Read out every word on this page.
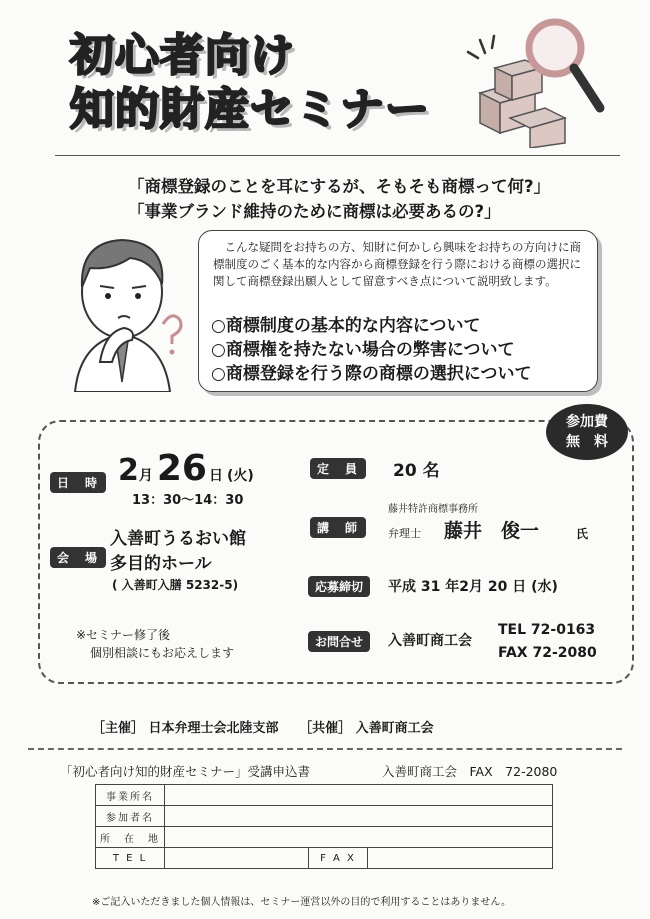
初心者向け
知的財産セミナー
「商標登録のことを耳にするが、そもそも商標って何?」
「事業ブランド維持のために商標は必要あるの?」
こんな疑問をお持ちの方、知財に何かしら興味をお持ちの方向けに商標制度のごく基本的な内容から商標登録を行う際における商標の選択に関して商標登録出願人として留意すべき点について説明致します。
○商標制度の基本的な内容について
○商標権を持たない場合の弊害について
○商標登録を行う際の商標の選択について
参加費
無　料
日　時 2月 26 日 (火)
13：30〜14：30
会　場
入善町うるおい館
多目的ホール
( 入善町入膳 5232-5)
※セミナー修了後
個別相談にもお応えします
定　員	20 名
藤井特許商標事務所
講　師	弁理士 藤井　俊一	氏
応募締切	平成 31 年2月 20 日 (水)
お問合せ	入善町商工会
TEL 72-0163
FAX 72-2080
［主催］ 日本弁理士会北陸支部 ［共催］ 入善町商工会
「初心者向け知的財産セミナー」受講申込書	入善町商工会　FAX　72-2080
事業所名			
参加者名			
所　在　地			
T E L		F A X	
※ご記入いただきました個人情報は、セミナー運営以外の目的で利用することはありません。
